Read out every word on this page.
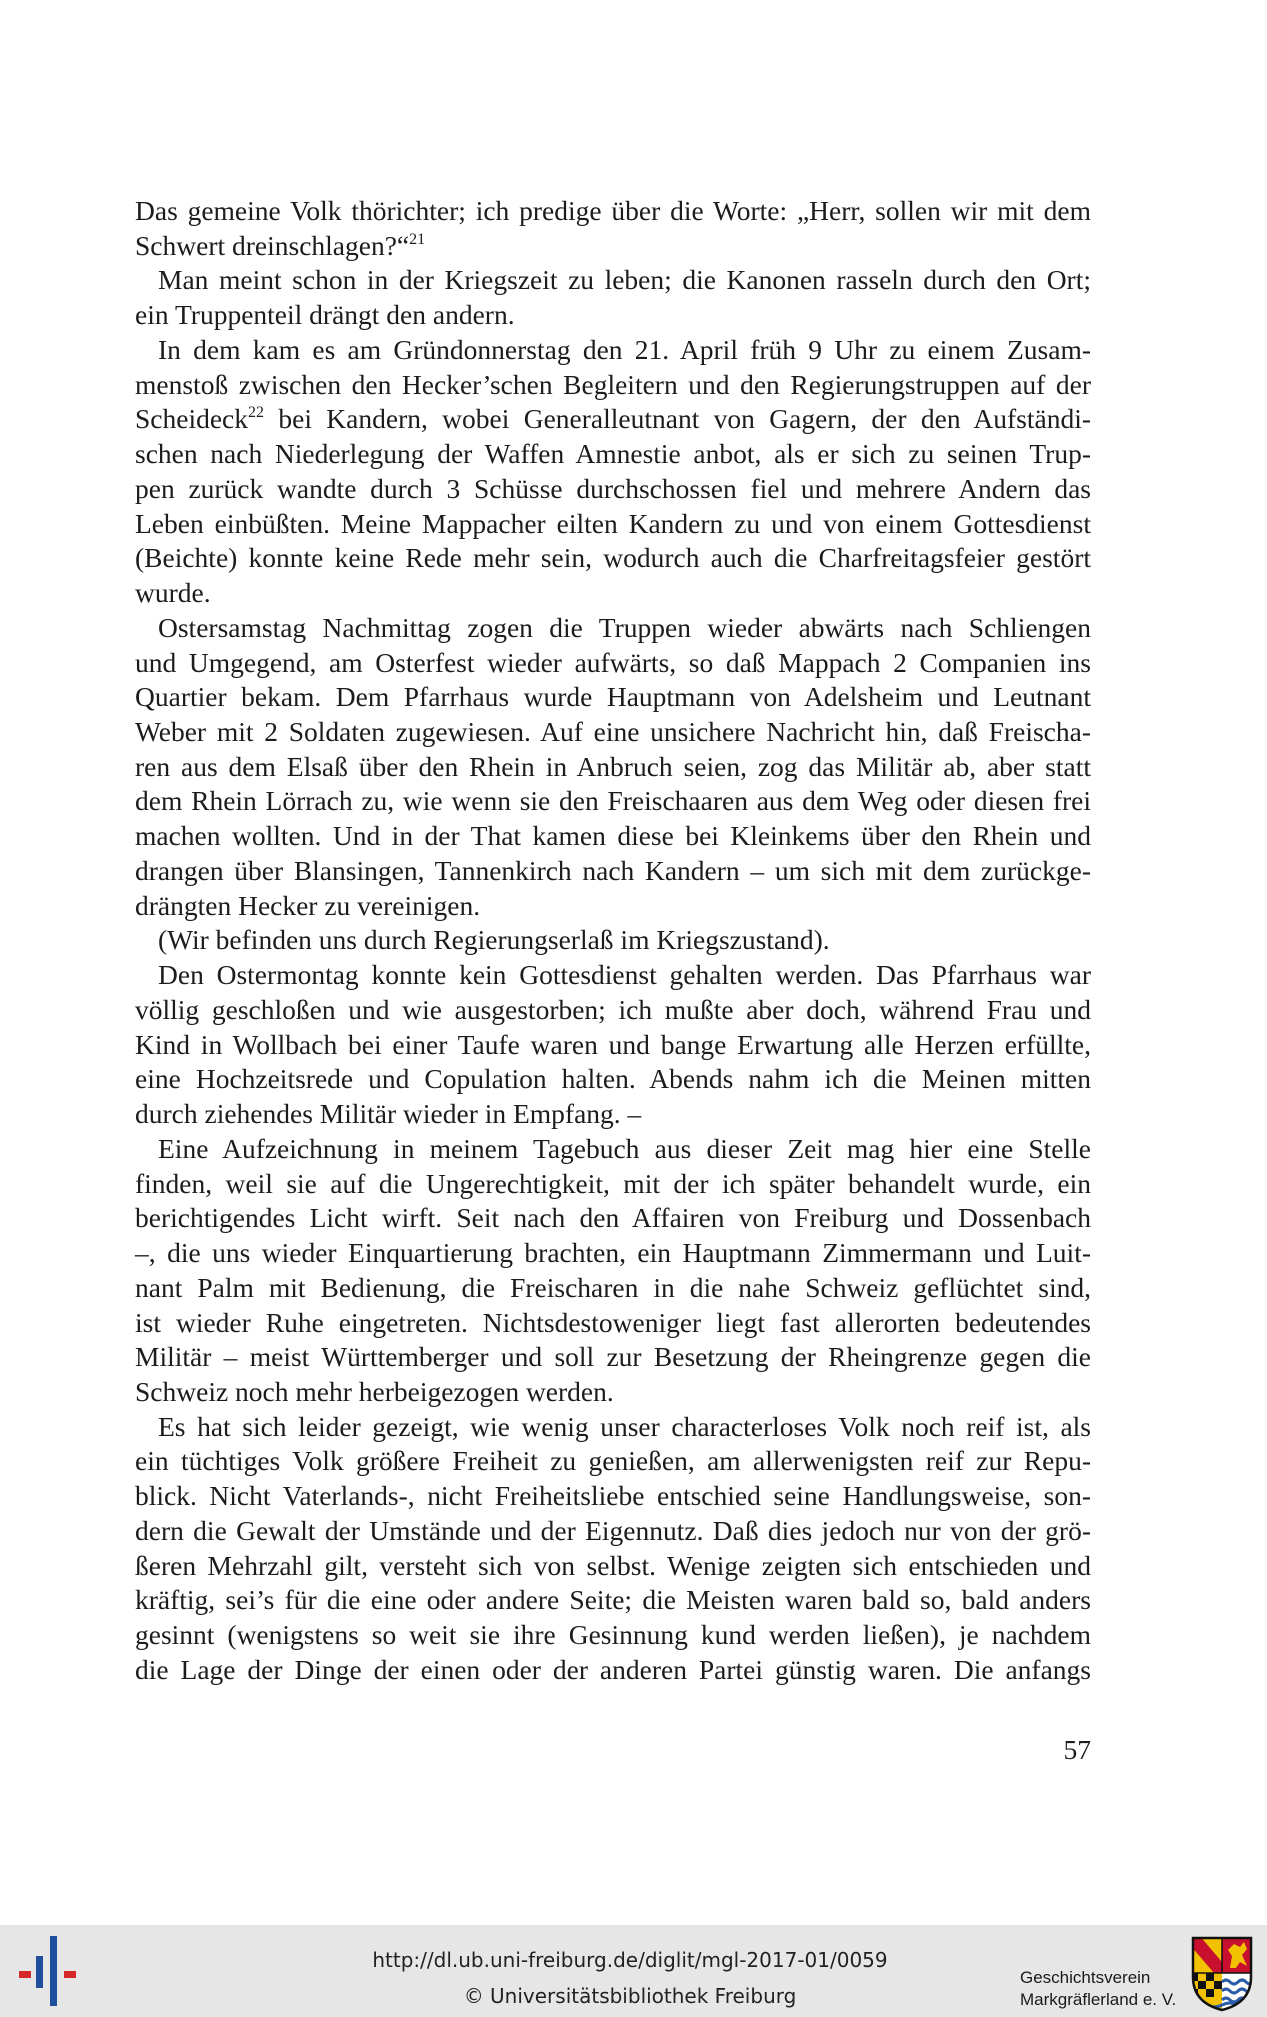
Das gemeine Volk thörichter; ich predige über die Worte: „Herr, sollen wir mit dem
Schwert dreinschlagen?“$^{21}$
Man meint schon in der Kriegszeit zu leben; die Kanonen rasseln durch den Ort;
ein Truppenteil drängt den andern.
In dem kam es am Gründonnerstag den 21. April früh 9 Uhr zu einem Zusam-
menstoß zwischen den Hecker’schen Begleitern und den Regierungstruppen auf der
Scheideck$^{22}$ bei Kandern, wobei Generalleutnant von Gagern, der den Aufständi-
schen nach Niederlegung der Waffen Amnestie anbot, als er sich zu seinen Trup-
pen zurück wandte durch 3 Schüsse durchschossen fiel und mehrere Andern das
Leben einbüßten. Meine Mappacher eilten Kandern zu und von einem Gottesdienst
(Beichte) konnte keine Rede mehr sein, wodurch auch die Charfreitagsfeier gestört
wurde.
Ostersamstag Nachmittag zogen die Truppen wieder abwärts nach Schliengen
und Umgegend, am Osterfest wieder aufwärts, so daß Mappach 2 Companien ins
Quartier bekam. Dem Pfarrhaus wurde Hauptmann von Adelsheim und Leutnant
Weber mit 2 Soldaten zugewiesen. Auf eine unsichere Nachricht hin, daß Freischa-
ren aus dem Elsaß über den Rhein in Anbruch seien, zog das Militär ab, aber statt
dem Rhein Lörrach zu, wie wenn sie den Freischaaren aus dem Weg oder diesen frei
machen wollten. Und in der That kamen diese bei Kleinkems über den Rhein und
drangen über Blansingen, Tannenkirch nach Kandern – um sich mit dem zurückge-
drängten Hecker zu vereinigen.
(Wir befinden uns durch Regierungserlaß im Kriegszustand).
Den Ostermontag konnte kein Gottesdienst gehalten werden. Das Pfarrhaus war
völlig geschloßen und wie ausgestorben; ich mußte aber doch, während Frau und
Kind in Wollbach bei einer Taufe waren und bange Erwartung alle Herzen erfüllte,
eine Hochzeitsrede und Copulation halten. Abends nahm ich die Meinen mitten
durch ziehendes Militär wieder in Empfang. –
Eine Aufzeichnung in meinem Tagebuch aus dieser Zeit mag hier eine Stelle
finden, weil sie auf die Ungerechtigkeit, mit der ich später behandelt wurde, ein
berichtigendes Licht wirft. Seit nach den Affairen von Freiburg und Dossenbach
–, die uns wieder Einquartierung brachten, ein Hauptmann Zimmermann und Luit-
nant Palm mit Bedienung, die Freischaren in die nahe Schweiz geflüchtet sind,
ist wieder Ruhe eingetreten. Nichtsdestoweniger liegt fast allerorten bedeutendes
Militär – meist Württemberger und soll zur Besetzung der Rheingrenze gegen die
Schweiz noch mehr herbeigezogen werden.
Es hat sich leider gezeigt, wie wenig unser characterloses Volk noch reif ist, als
ein tüchtiges Volk größere Freiheit zu genießen, am allerwenigsten reif zur Repu-
blick. Nicht Vaterlands-, nicht Freiheitsliebe entschied seine Handlungsweise, son-
dern die Gewalt der Umstände und der Eigennutz. Daß dies jedoch nur von der grö-
ßeren Mehrzahl gilt, versteht sich von selbst. Wenige zeigten sich entschieden und
kräftig, sei’s für die eine oder andere Seite; die Meisten waren bald so, bald anders
gesinnt (wenigstens so weit sie ihre Gesinnung kund werden ließen), je nachdem
die Lage der Dinge der einen oder der anderen Partei günstig waren. Die anfangs
57
http://dl.ub.uni-freiburg.de/diglit/mgl-2017-01/0059
© Universitätsbibliothek Freiburg
Geschichtsverein
Markgräflerland e. V.
